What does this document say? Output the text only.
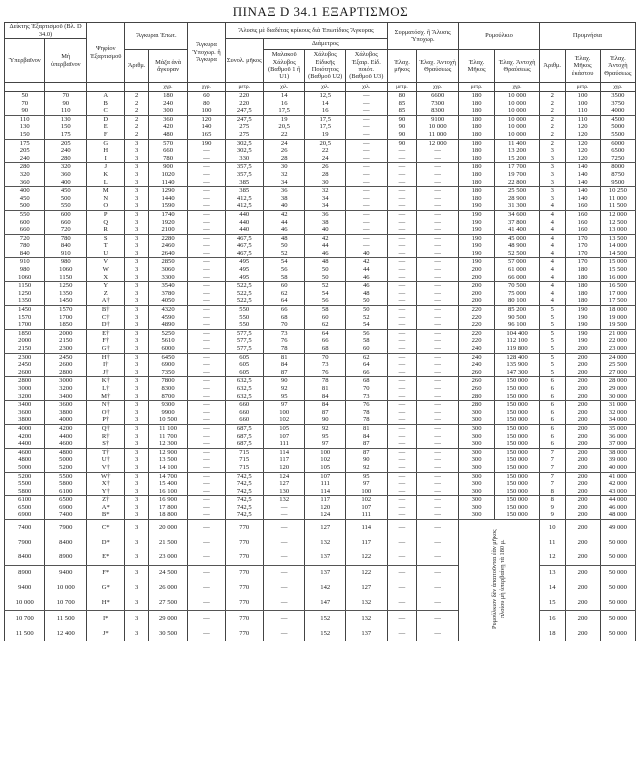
ΠΙΝΑΞ D 34.1 ΕΞΑΡΤΙΣΜΟΣ
Δείκτης Ἐξαρτισμοῦ (Βλ. D 34.0)		Ψηφίον Ἐξαρτισμοῦ	Ἄγκυραι Ἐπωτ.		Ἄγκυρα Ὑποχωρ. ἢ Ἄγκυρα	Ἅλυσις μὲ διαδέτας κρίκους διὰ Ἐπωτίδιος Ἄγκυρας				Συρματόσχ. ἢ Ἅλυσις Ὑποχωρ.		Ρυμούλκιο		Πρυμνήσια		
Ὑπερβαῖνον	Μὴ ὑπερβαῖνον					Συνολ. μῆκος	Διάμετρος									
			Ἀριθμ.	Μάζα ἀνὰ ἄγκυραν			Μαλακοῦ Χάλυβος (Βαθμοῦ 1 ἢ U1)	Χάλυβος Εἰδικῆς Ποιότητος (Βαθμοῦ U2)	Χάλυβος Ἐξαιρ. Εἰδ. ποιότ. (Βαθμοῦ U3)	Ἐλαχ. μῆκος	Ἐλαχ. Ἀντοχὴ Θραύσεως	Ἐλαχ. Μῆκος	Ἐλαχ. Ἀντοχὴ Θραύσεως	Ἀριθμ.	Ἐλαχ. Μῆκος ἑκάστου	Ἐλαχ. Ἀντοχὴ Θραύσεως
				χγρ.	χγρ.	μετρ.	χιλ.	χιλ.	χιλ.	μετρ.	χγρ.	μετρ.	χγρ.		μετρ.	χγρ.
50	70	A	2	180	60	220	14	12,5	—	80	6600	180	10 000	2	100	3500
70	90	B	2	240	80	220	16	14	—	85	7300	180	10 000	2	100	3750
90	110	C	2	300	100	247,5	17,5	16	—	85	8300	180	10 000	2	110	4000
110	130	D	2	360	120	247,5	19	17,5	—	90	9100	180	10 000	2	110	4500
130	150	E	2	420	140	275	20,5	17,5	—	90	10 000	180	10 000	2	120	5000
150	175	F	2	480	165	275	22	19	—	90	11 000	180	10 000	2	120	5500
175	205	G	3	570	190	302,5	24	20,5	—	90	12 000	180	11 400	2	120	6000
205	240	H	3	660	—	302,5	26	22	—	—	—	180	13 200	3	120	6500
240	280	I	3	780	—	330	28	24	—	—	—	180	15 200	3	120	7250
280	320	J	3	900	—	357,5	30	26	—	—	—	180	17 700	3	140	8000
320	360	K	3	1020	—	357,5	32	28	—	—	—	180	19 700	3	140	8750
360	400	L	3	1140	—	385	34	30	—	—	—	180	22 800	3	140	9500
400	450	M	3	1290	—	385	36	32	—	—	—	180	25 500	3	140	10 250
450	500	N	3	1440	—	412,5	38	34	—	—	—	180	28 900	3	140	11 000
500	550	O	3	1590	—	412,5	40	34	—	—	—	190	31 300	4	160	11 500
550	600	P	3	1740	—	440	42	36	—	—	—	190	34 600	4	160	12 000
600	660	Q	3	1920	—	440	44	38	—	—	—	190	37 800	4	160	12 500
660	720	R	3	2100	—	440	46	40	—	—	—	190	41 400	4	160	13 000
720	780	S	3	2280	—	467,5	48	42	—	—	—	190	45 000	4	170	13 500
780	840	T	3	2460	—	467,5	50	44	—	—	—	190	48 900	4	170	14 000
840	910	U	3	2640	—	467,5	52	46	40	—	—	190	52 500	4	170	14 500
910	980	V	3	2850	—	495	54	48	42	—	—	190	57 000	4	170	15 000
980	1060	W	3	3060	—	495	56	50	44	—	—	200	61 000	4	180	15 500
1060	1150	X	3	3300	—	495	58	50	46	—	—	200	66 000	4	180	16 000
1150	1250	Y	3	3540	—	522,5	60	52	46	—	—	200	70 500	4	180	16 500
1250	1350	Z	3	3780	—	522,5	62	54	48	—	—	200	75 000	4	180	17 000
1350	1450	A†	3	4050	—	522,5	64	56	50	—	—	200	80 100	4	180	17 500
1450	1570	B†	3	4320	—	550	66	58	50	—	—	220	85 200	5	190	18 000
1570	1700	C†	3	4590	—	550	68	60	52	—	—	220	90 500	5	190	19 000
1700	1850	D†	3	4890	—	550	70	62	54	—	—	220	96 100	5	190	19 500
1850	2000	E†	3	5250	—	577,5	73	64	56	—	—	220	104 400	5	190	21 000
2000	2150	F†	3	5610	—	577,5	76	66	58	—	—	220	112 100	5	190	22 000
2150	2300	G†	3	6000	—	577,5	78	68	60	—	—	240	119 800	5	200	23 000
2300	2450	H†	3	6450	—	605	81	70	62	—	—	240	128 400	5	200	24 000
2450	2600	I†	3	6900	—	605	84	73	64	—	—	240	135 900	5	200	25 500
2600	2800	J†	3	7350	—	605	87	76	66	—	—	260	147 300	5	200	27 000
2800	3000	K†	3	7800	—	632,5	90	78	68	—	—	260	150 000	6	200	28 000
3000	3200	L†	3	8300	—	632,5	92	81	70	—	—	260	150 000	6	200	29 000
3200	3400	M†	3	8700	—	632,5	95	84	73	—	—	280	150 000	6	200	30 000
3400	3600	N†	3	9300	—	660	97	84	76	—	—	280	150 000	6	200	31 000
3600	3800	O†	3	9900	—	660	100	87	78	—	—	300	150 000	6	200	32 000
3800	4000	P†	3	10 500	—	660	102	90	78	—	—	300	150 000	6	200	34 000
4000	4200	Q†	3	11 100	—	687,5	105	92	81	—	—	300	150 000	6	200	35 000
4200	4400	R†	3	11 700	—	687,5	107	95	84	—	—	300	150 000	6	200	36 000
4400	4600	S†	3	12 300	—	687,5	111	97	87	—	—	300	150 000	6	200	37 000
4600	4800	T†	3	12 900	—	715	114	100	87	—	—	300	150 000	7	200	38 000
4800	5000	U†	3	13 500	—	715	117	102	90	—	—	300	150 000	7	200	39 000
5000	5200	V†	3	14 100	—	715	120	105	92	—	—	300	150 000	7	200	40 000
5200	5500	W†	3	14 700	—	742,5	124	107	95	—	—	300	150 000	7	200	41 000
5500	5800	X†	3	15 400	—	742,5	127	111	97	—	—	300	150 000	7	200	42 000
5800	6100	Y†	3	16 100	—	742,5	130	114	100	—	—	300	150 000	8	200	43 000
6100	6500	Z†	3	16 900	—	742,5	132	117	102	—	—	300	150 000	8	200	44 000
6500	6900	A*	3	17 800	—	742,5	—	120	107	—	—	300	150 000	9	200	46 000
6900	7400	B*	3	18 800	—	742,5	—	124	111	—	—	300	150 000	9	200	48 000
7400	7900	C*	3	20 000	—	770	—	127	114	—	—	Ρυμούλκιον δὲν ἀπαιτοῦνται ἐὰν μῆκος πλοίου μὴ ὑπερβαίνῃ τὰ 180 μ.		10	200	49 000
7900	8400	D*	3	21 500	—	770	—	132	117	—	—			11	200	50 000
8400	8900	E*	3	23 000	—	770	—	137	122	—	—			12	200	50 000
8900	9400	F*	3	24 500	—	770	—	137	122	—	—			13	200	50 000
9400	10 000	G*	3	26 000	—	770	—	142	127	—	—			14	200	50 000
10 000	10 700	H*	3	27 500	—	770	—	147	132	—	—			15	200	50 000
10 700	11 500	I*	3	29 000	—	770	—	152	132	—	—			16	200	50 000
11 500	12 400	J*	3	30 500	—	770	—	152	137	—	—			18	200	50 000
